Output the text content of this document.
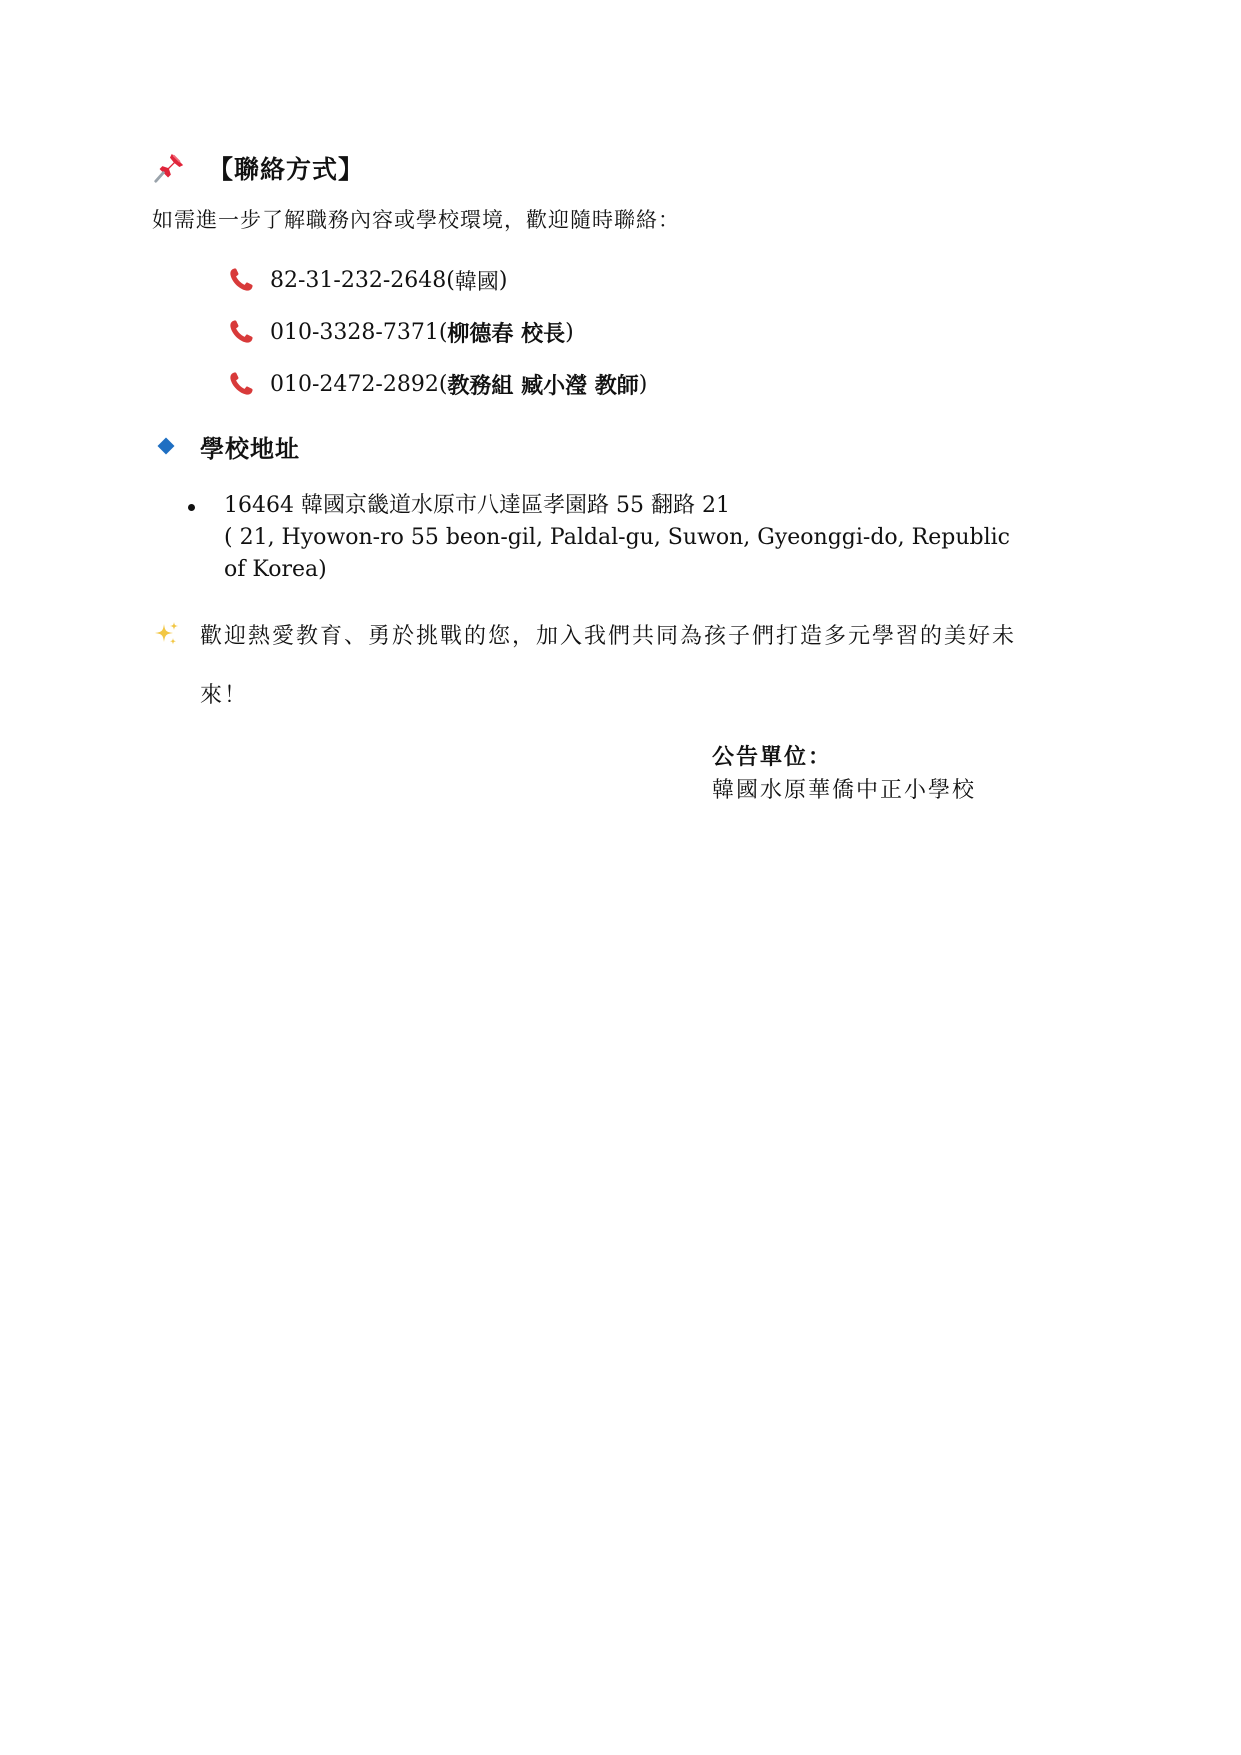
【聯絡方式】
如需進一步了解職務內容或學校環境，歡迎隨時聯絡：
82-31-232-2648( 韓國 )
010-3328-7371( 柳德春 校長 )
010-2472-2892( 教務組 臧小瀅 教師 )
學校地址
16464 韓國京畿道水原市八達區孝園路 55 翻路 21
( 21, Hyowon-ro 55 beon-gil, Paldal-gu, Suwon, Gyeonggi-do, Republic
of Korea)
歡迎熱愛教育、勇於挑戰的您，加入我們共同為孩子們打造多元學習的美好未
來！
公告單位：
韓國水原華僑中正小學校
